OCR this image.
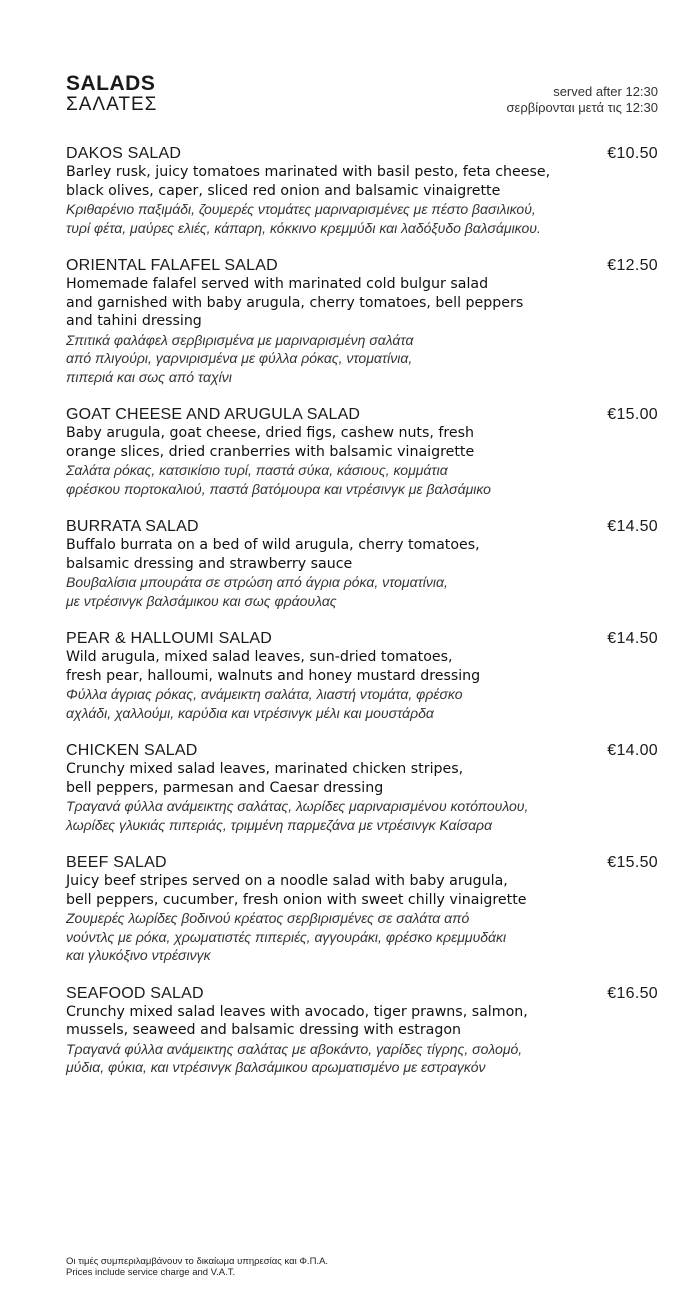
SALADS
ΣΑΛΑΤΕΣ
served after 12:30
σερβίρονται μετά τις 12:30
DAKOS SALAD	€10.50
Barley rusk, juicy tomatoes marinated with basil pesto, feta cheese,
black olives, caper, sliced red onion and balsamic vinaigrette
Κριθαρένιο παξιμάδι, ζουμερές ντομάτες μαριναρισμένες με πέστο βασιλικού,
τυρί φέτα, μαύρες ελιές, κάπαρη, κόκκινο κρεμμύδι και λαδόξυδο βαλσάμικου.
ORIENTAL FALAFEL SALAD	€12.50
Homemade falafel served with marinated cold bulgur salad
and garnished with baby arugula, cherry tomatoes, bell peppers
and tahini dressing
Σπιτικά φαλάφελ σερβιρισμένα με μαριναρισμένη σαλάτα
από πλιγούρι, γαρνιρισμένα με φύλλα ρόκας, ντοματίνια,
πιπεριά και σως από ταχίνι
GOAT CHEESE AND ARUGULA SALAD	€15.00
Baby arugula, goat cheese, dried figs, cashew nuts, fresh
orange slices, dried cranberries with balsamic vinaigrette
Σαλάτα ρόκας, κατσικίσιο τυρί, παστά σύκα, κάσιους, κομμάτια
φρέσκου πορτοκαλιού, παστά βατόμουρα και ντρέσινγκ με βαλσάμικο
BURRATA SALAD	€14.50
Buffalo burrata on a bed of wild arugula, cherry tomatoes,
balsamic dressing and strawberry sauce
Βουβαλίσια μπουράτα σε στρώση από άγρια ρόκα, ντοματίνια,
με ντρέσινγκ βαλσάμικου και σως φράουλας
PEAR & HALLOUMI SALAD	€14.50
Wild arugula, mixed salad leaves, sun-dried tomatoes,
fresh pear, halloumi, walnuts and honey mustard dressing
Φύλλα άγριας ρόκας, ανάμεικτη σαλάτα, λιαστή ντομάτα, φρέσκο
αχλάδι, χαλλούμι, καρύδια και ντρέσινγκ μέλι και μουστάρδα
CHICKEN SALAD	€14.00
Crunchy mixed salad leaves, marinated chicken stripes,
bell peppers, parmesan and Caesar dressing
Τραγανά φύλλα ανάμεικτης σαλάτας, λωρίδες μαριναρισμένου κοτόπουλου,
λωρίδες γλυκιάς πιπεριάς, τριμμένη παρμεζάνα με ντρέσινγκ Καίσαρα
BEEF SALAD	€15.50
Juicy beef stripes served on a noodle salad with baby arugula,
bell peppers, cucumber, fresh onion with sweet chilly vinaigrette
Ζουμερές λωρίδες βοδινού κρέατος σερβιρισμένες σε σαλάτα από
νούντλς με ρόκα, χρωματιστές πιπεριές, αγγουράκι, φρέσκο κρεμμυδάκι
και γλυκόξινο ντρέσινγκ
SEAFOOD SALAD	€16.50
Crunchy mixed salad leaves with avocado, tiger prawns, salmon,
mussels, seaweed and balsamic dressing with estragon
Τραγανά φύλλα ανάμεικτης σαλάτας με αβοκάντο, γαρίδες τίγρης, σολομό,
μύδια, φύκια, και ντρέσινγκ βαλσάμικου αρωματισμένο με εστραγκόν
Οι τιμές συμπεριλαμβάνουν το δικαίωμα υπηρεσίας και Φ.Π.Α.
Prices include service charge and V.A.T.
